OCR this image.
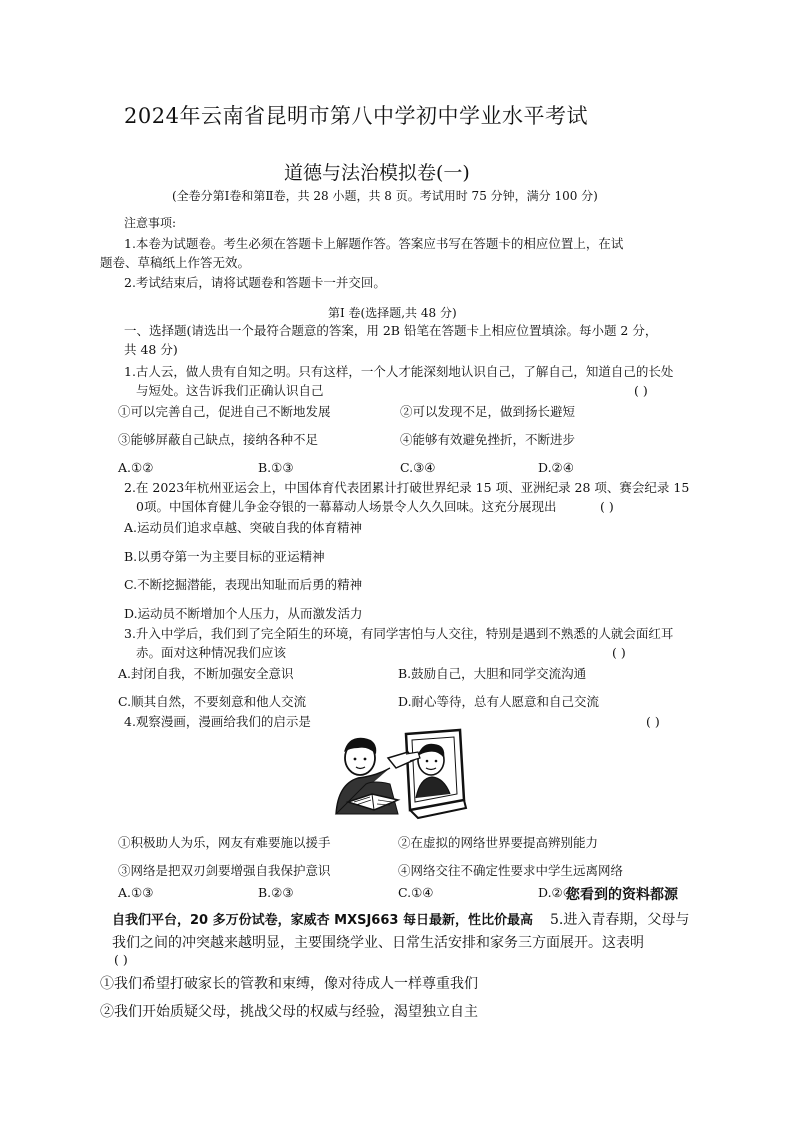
2024年云南省昆明市第八中学初中学业水平考试
道德与法治模拟卷(一)
(全卷分第Ⅰ卷和第Ⅱ卷，共 28 小题，共 8 页。考试用时 75 分钟，满分 100 分)
注意事项:
1.本卷为试题卷。考生必须在答题卡上解题作答。答案应书写在答题卡的相应位置上，在试
题卷、草稿纸上作答无效。
2.考试结束后，请将试题卷和答题卡一并交回。
第Ⅰ 卷(选择题,共 48 分)
一、选择题(请选出一个最符合题意的答案，用 2B 铅笔在答题卡上相应位置填涂。每小题 2 分，
共 48 分)
1.古人云，做人贵有自知之明。只有这样，一个人才能深刻地认识自己，了解自己，知道自己的长处
与短处。这告诉我们正确认识自己	( )
①可以完善自己，促进自己不断地发展	②可以发现不足，做到扬长避短
③能够屏蔽自己缺点，接纳各种不足	④能够有效避免挫折，不断进步
A.①②	B.①③	C.③④	D.②④
2.在 2023年杭州亚运会上，中国体育代表团累计打破世界纪录 15 项、亚洲纪录 28 项、赛会纪录 15
0项。中国体育健儿争金夺银的一幕幕动人场景令人久久回味。这充分展现出	( )
A.运动员们追求卓越、突破自我的体育精神
B.以勇夺第一为主要目标的亚运精神
C.不断挖掘潜能，表现出知耻而后勇的精神
D.运动员不断增加个人压力，从而激发活力
3.升入中学后，我们到了完全陌生的环境，有同学害怕与人交往，特别是遇到不熟悉的人就会面红耳
赤。面对这种情况我们应该	( )
A.封闭自我，不断加强安全意识	B.鼓励自己，大胆和同学交流沟通
C.顺其自然，不要刻意和他人交流	D.耐心等待，总有人愿意和自己交流
4.观察漫画，漫画给我们的启示是	( )
①积极助人为乐，网友有难要施以援手	②在虚拟的网络世界要提高辨别能力
③网络是把双刃剑要增强自我保护意识	④网络交往不确定性要求中学生远离网络
A.①③	B.②③	C.①④	D.②④
您看到的资料都源
自我们平台，20 多万份试卷，家威杏 MXSJ663 每日最新，性比价最高 5.进入青春期，父母与
我们之间的冲突越来越明显，主要围绕学业、日常生活安排和家务三方面展开。这表明
( )
①我们希望打破家长的管教和束缚，像对待成人一样尊重我们
②我们开始质疑父母，挑战父母的权威与经验，渴望独立自主
